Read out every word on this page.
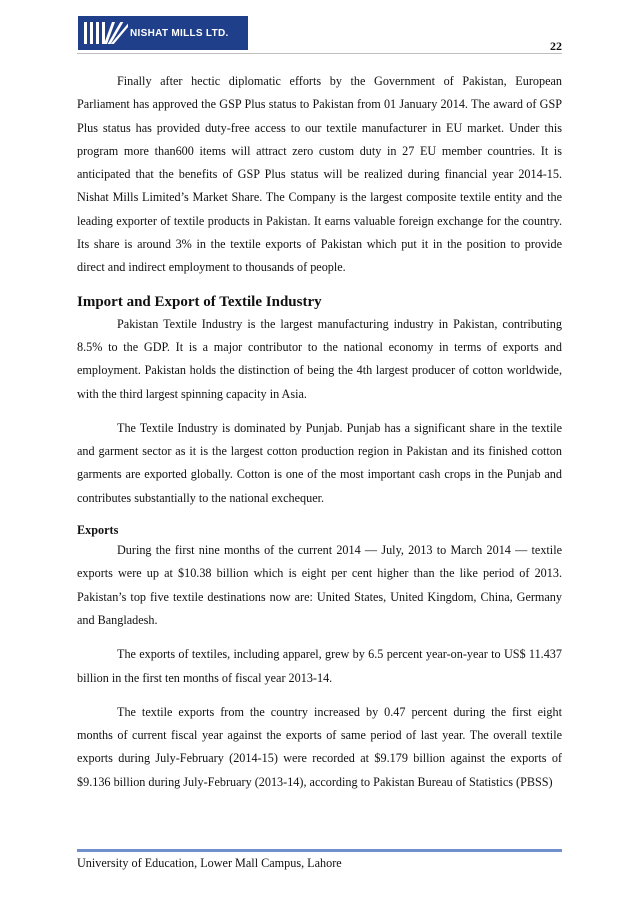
NISHAT MILLS LTD.
22

Finally after hectic diplomatic efforts by the Government of Pakistan, European Parliament has approved the GSP Plus status to Pakistan from 01 January 2014. The award of GSP Plus status has provided duty-free access to our textile manufacturer in EU market. Under this program more than600 items will attract zero custom duty in 27 EU member countries. It is anticipated that the benefits of GSP Plus status will be realized during financial year 2014-15. Nishat Mills Limited’s Market Share. The Company is the largest composite textile entity and the leading exporter of textile products in Pakistan. It earns valuable foreign exchange for the country. Its share is around 3% in the textile exports of Pakistan which put it in the position to provide direct and indirect employment to thousands of people.

Import and Export of Textile Industry

Pakistan Textile Industry is the largest manufacturing industry in Pakistan, contributing 8.5% to the GDP. It is a major contributor to the national economy in terms of exports and employment. Pakistan holds the distinction of being the 4th largest producer of cotton worldwide, with the third largest spinning capacity in Asia.

The Textile Industry is dominated by Punjab. Punjab has a significant share in the textile and garment sector as it is the largest cotton production region in Pakistan and its finished cotton garments are exported globally. Cotton is one of the most important cash crops in the Punjab and contributes substantially to the national exchequer.

Exports

During the first nine months of the current 2014 — July, 2013 to March 2014 — textile exports were up at $10.38 billion which is eight per cent higher than the like period of 2013. Pakistan’s top five textile destinations now are: United States, United Kingdom, China, Germany and Bangladesh.

The exports of textiles, including apparel, grew by 6.5 percent year-on-year to US$ 11.437 billion in the first ten months of fiscal year 2013-14.

The textile exports from the country increased by 0.47 percent during the first eight months of current fiscal year against the exports of same period of last year. The overall textile exports during July-February (2014-15) were recorded at $9.179 billion against the exports of $9.136 billion during July-February (2013-14), according to Pakistan Bureau of Statistics (PBSS)

University of Education, Lower Mall Campus, Lahore
